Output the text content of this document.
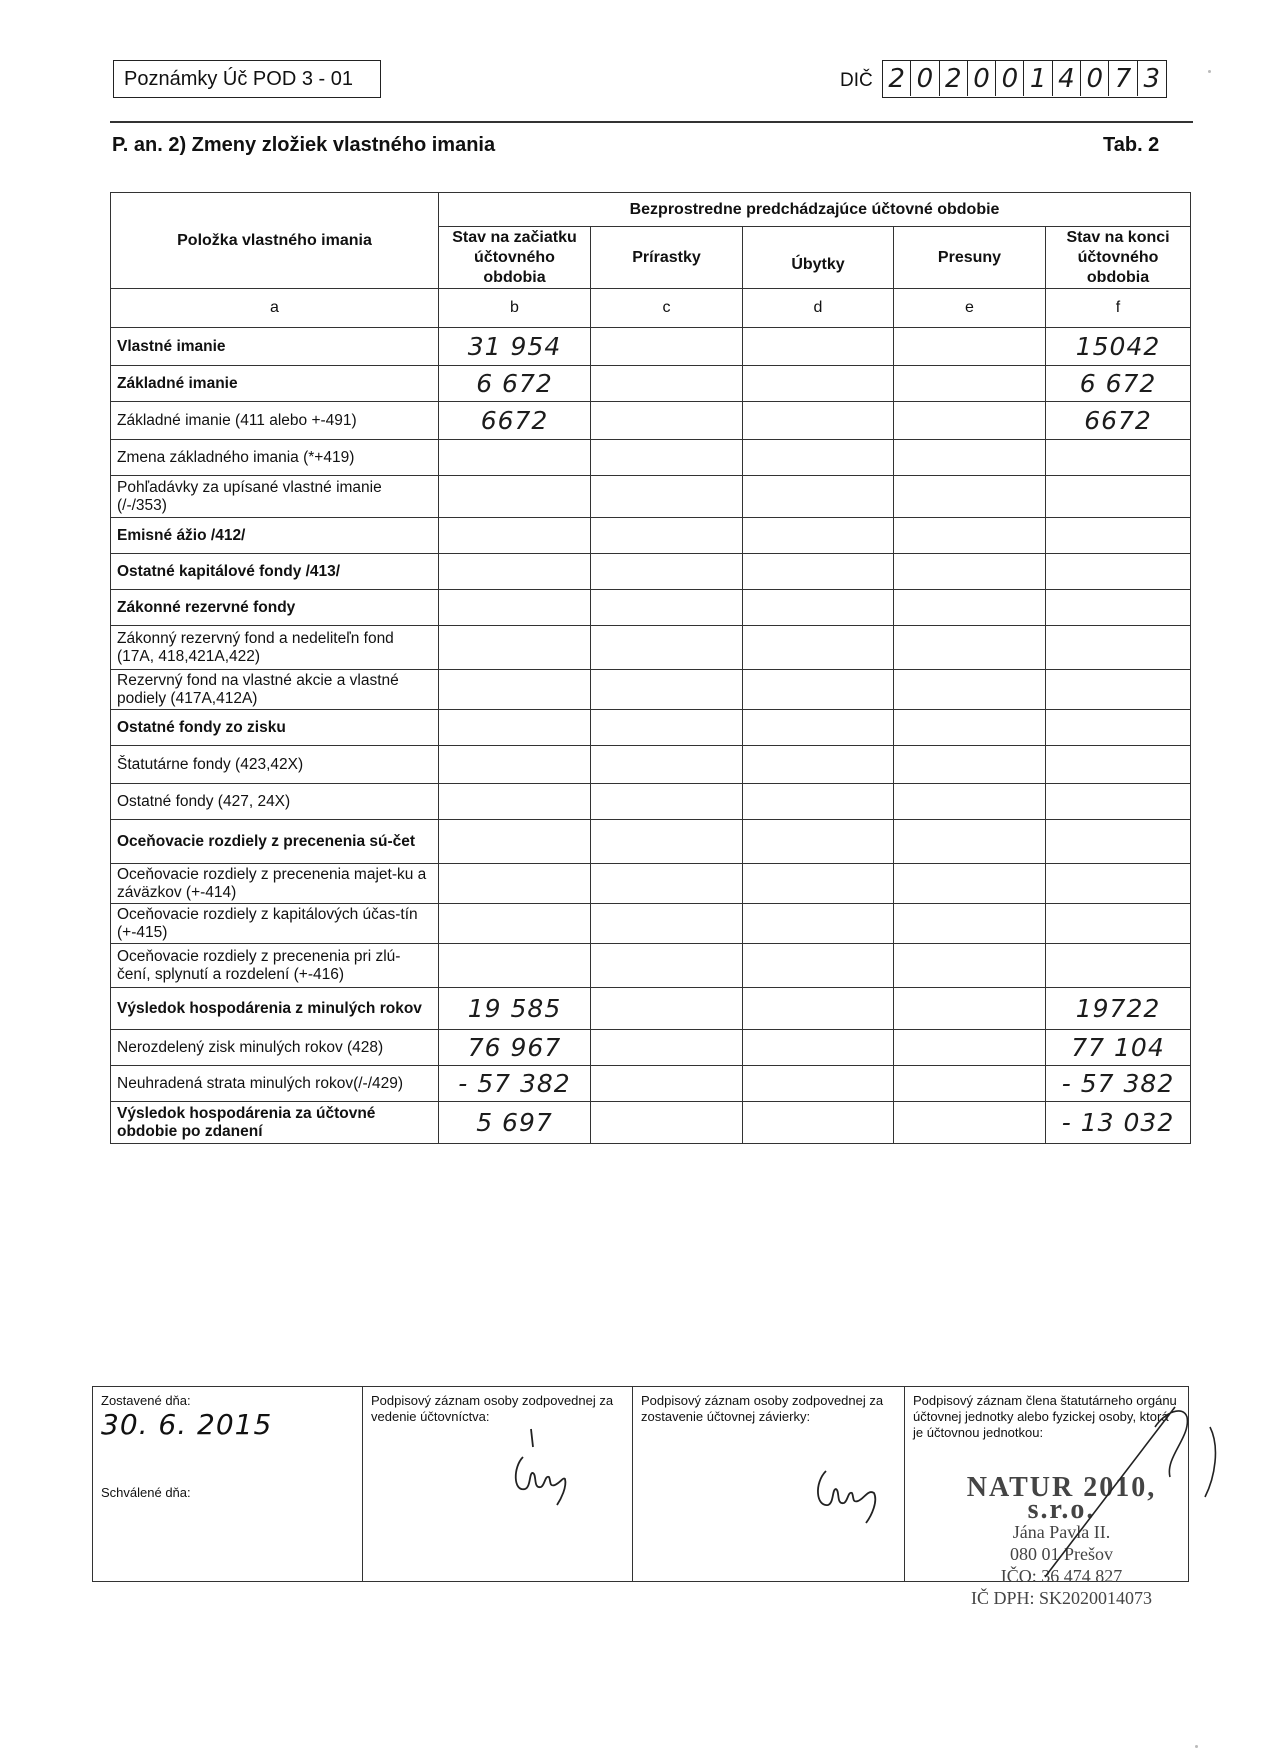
Poznámky Úč POD 3 - 01	DIČ 2 0 2 0 0 1 4 0 7 3
P. an. 2) Zmeny zložiek vlastného imania	Tab. 2
Položka vlastného imania	Bezprostredne predchádzajúce účtovné obdobie				
	Stav na začiatku účtovného obdobia	Prírastky	Úbytky	Presuny	Stav na konci účtovného obdobia
a	b	c	d	e	f
Vlastné imanie	31 954				15042
Základné imanie	6 672				6 672
Základné imanie (411 alebo +-491)	6672				6672
Zmena základného imania (*+419)					
Pohľadávky za upísané vlastné imanie (/-/353)					
Emisné ážio /412/					
Ostatné kapitálové fondy /413/					
Zákonné rezervné fondy					
Zákonný rezervný fond a nedeliteľn fond (17A, 418,421A,422)					
Rezervný fond na vlastné akcie a vlastné podiely (417A,412A)					
Ostatné fondy zo zisku					
Štatutárne fondy (423,42X)					
Ostatné fondy (427, 24X)					
Oceňovacie rozdiely z precenenia sú-čet					
Oceňovacie rozdiely z precenenia majet-ku a záväzkov (+-414)					
Oceňovacie rozdiely z kapitálových účas-tín (+-415)					
Oceňovacie rozdiely z precenenia pri zlú-čení, splynutí a rozdelení (+-416)					
Výsledok hospodárenia z minulých rokov	19 585				19722
Nerozdelený zisk minulých rokov (428)	76 967				77 104
Neuhradená strata minulých rokov(/-/429)	- 57 382				- 57 382
Výsledok hospodárenia za účtovné obdobie po zdanení	5 697				- 13 032
Zostavené dňa:
30. 6. 2015
Schválené dňa:
Podpisový záznam osoby zodpovednej za vedenie účtovníctva:
Podpisový záznam osoby zodpovednej za zostavenie účtovnej závierky:
Podpisový záznam člena štatutárneho orgánu účtovnej jednotky alebo fyzickej osoby, ktorá je účtovnou jednotkou:
NATUR 2010, s.r.o.
Jána Pavla II.
080 01 Prešov
IČO: 36 474 827
IČ DPH: SK2020014073
